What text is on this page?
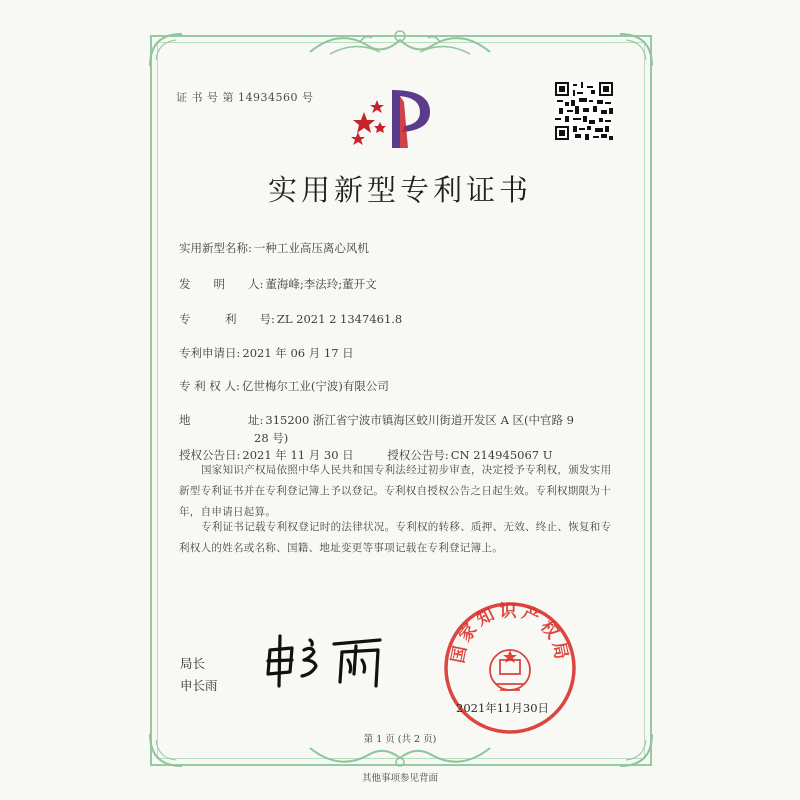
证 书 号 第 14934560 号
实用新型专利证书
实用新型名称: 一种工业高压离心风机
发　　明　　人: 董海峰;李法玲;董开文
专　　　利　　号: ZL 2021 2 1347461.8
专利申请日: 2021 年 06 月 17 日
专 利 权 人: 亿世梅尔工业(宁波)有限公司
地　　　　　址: 315200 浙江省宁波市镇海区蛟川街道开发区 A 区(中官路 9
28 号)
授权公告日: 2021 年 11 月 30 日	授权公告号: CN 214945067 U
国家知识产权局依照中华人民共和国专利法经过初步审查，决定授予专利权，颁发实用新型专利证书并在专利登记簿上予以登记。专利权自授权公告之日起生效。专利权期限为十年，自申请日起算。
专利证书记载专利权登记时的法律状况。专利权的转移、质押、无效、终止、恢复和专利权人的姓名或名称、国籍、地址变更等事项记载在专利登记簿上。
局长
申长雨
国家知识产权局
2021年11月30日
第 1 页 (共 2 页)
其他事项参见背面
